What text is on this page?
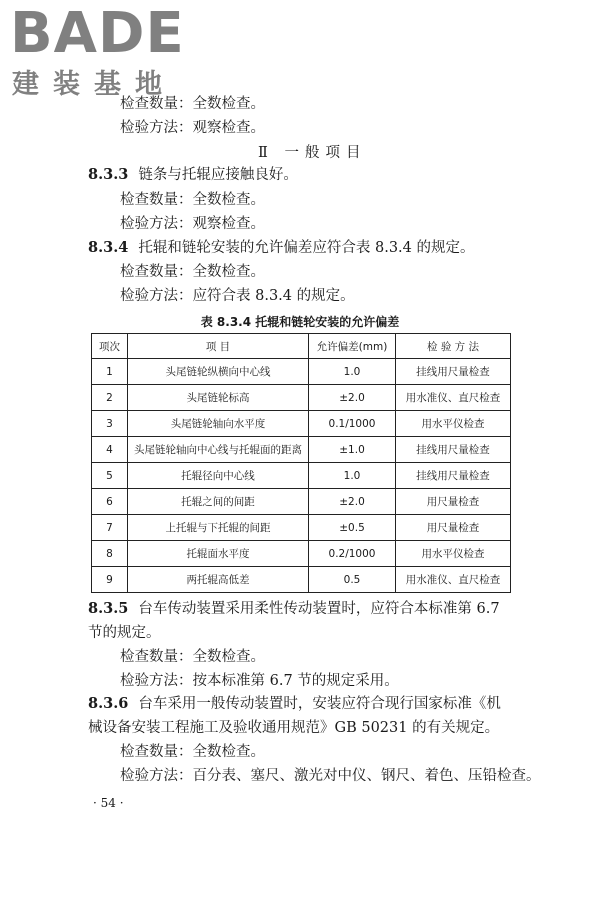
BADE
建装基地
检查数量：全数检查。
检验方法：观察检查。
Ⅱ 一般项目
8.3.3 链条与托辊应接触良好。
检查数量：全数检查。
检验方法：观察检查。
8.3.4 托辊和链轮安装的允许偏差应符合表 8.3.4 的规定。
检查数量：全数检查。
检验方法：应符合表 8.3.4 的规定。
表 8.3.4 托辊和链轮安装的允许偏差
项次	项 目	允许偏差(mm)	检 验 方 法
1	头尾链轮纵横向中心线	1.0	挂线用尺量检查
2	头尾链轮标高	±2.0	用水准仪、直尺检查
3	头尾链轮轴向水平度	0.1/1000	用水平仪检查
4	头尾链轮轴向中心线与托辊面的距离	±1.0	挂线用尺量检查
5	托辊径向中心线	1.0	挂线用尺量检查
6	托辊之间的间距	±2.0	用尺量检查
7	上托辊与下托辊的间距	±0.5	用尺量检查
8	托辊面水平度	0.2/1000	用水平仪检查
9	两托辊高低差	0.5	用水准仪、直尺检查
8.3.5 台车传动装置采用柔性传动装置时，应符合本标准第 6.7
节的规定。
检查数量：全数检查。
检验方法：按本标准第 6.7 节的规定采用。
8.3.6 台车采用一般传动装置时，安装应符合现行国家标准《机
械设备安装工程施工及验收通用规范》GB 50231 的有关规定。
检查数量：全数检查。
检验方法：百分表、塞尺、激光对中仪、钢尺、着色、压铅检查。
· 54 ·
